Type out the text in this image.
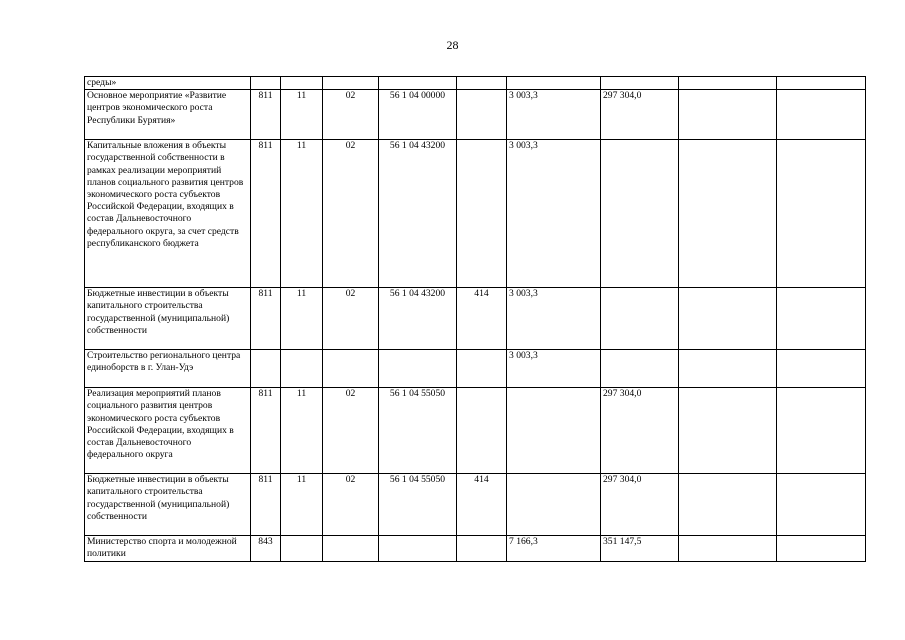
28
среды»									
Основное мероприятие «Развитие центров экономического роста Республики Бурятия»	811	11	02	56 1 04 00000		3 003,3	297 304,0		
Капитальные вложения в объекты государственной собственности в рамках реализации мероприятий планов социального развития центров экономического роста субъектов Российской Федерации, входящих в состав Дальневосточного федерального округа, за счет средств республиканского бюджета	811	11	02	56 1 04 43200		3 003,3			
Бюджетные инвестиции в объекты капитального строительства государственной (муниципальной) собственности	811	11	02	56 1 04 43200	414	3 003,3			
Строительство регионального центра единоборств в г. Улан-Удэ						3 003,3			
Реализация мероприятий планов социального развития центров экономического роста субъектов Российской Федерации, входящих в состав Дальневосточного федерального округа	811	11	02	56 1 04 55050			297 304,0		
Бюджетные инвестиции в объекты капитального строительства государственной (муниципальной) собственности	811	11	02	56 1 04 55050	414		297 304,0		
Министерство спорта и молодежной политики	843					7 166,3	351 147,5		
